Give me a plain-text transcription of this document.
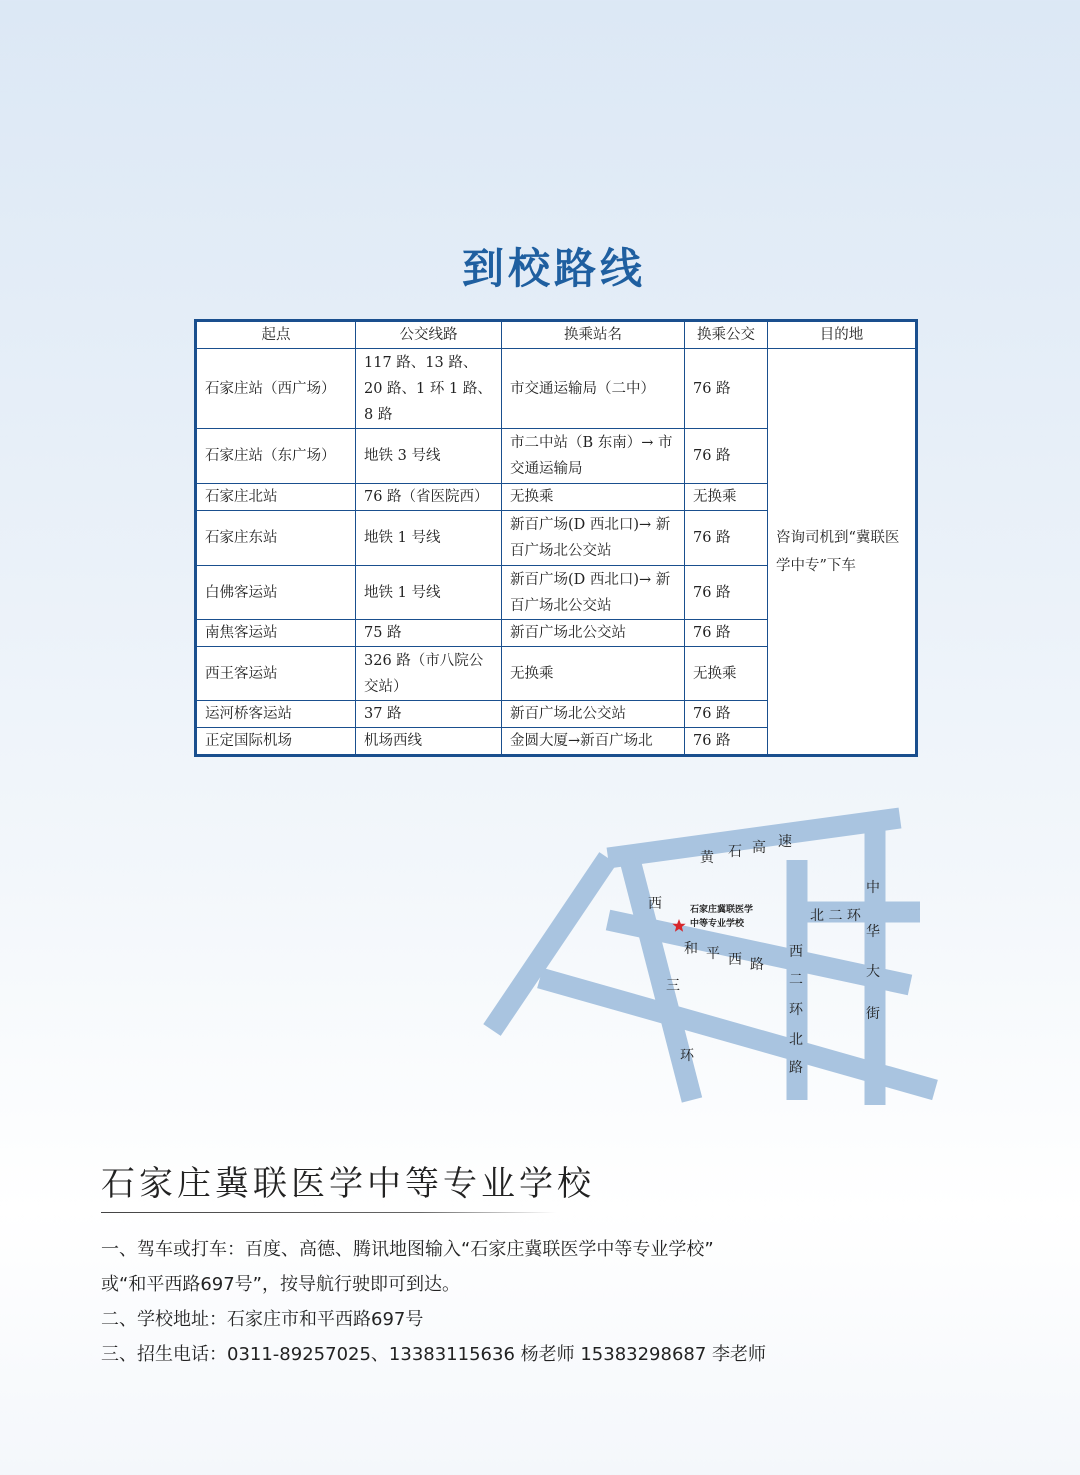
到校路线
起点	公交线路	换乘站名	换乘公交	目的地
石家庄站（西广场）	117 路、13 路、20 路、1 环 1 路、8 路	市交通运输局（二中）	76 路	咨询司机到“冀联医学中专”下车
石家庄站（东广场）	地铁 3 号线	市二中站（B 东南）→ 市交通运输局	76 路	
石家庄北站	76 路（省医院西）	无换乘	无换乘	
石家庄东站	地铁 1 号线	新百广场(D 西北口)→ 新百广场北公交站	76 路	
白佛客运站	地铁 1 号线	新百广场(D 西北口)→ 新百广场北公交站	76 路	
南焦客运站	75 路	新百广场北公交站	76 路	
西王客运站	326 路（市八院公交站）	无换乘	无换乘	
运河桥客运站	37 路	新百广场北公交站	76 路	
正定国际机场	机场西线	金圆大厦→新百广场北	76 路	
黄 石 高 速
北 二 环
中
华
大
街
西
三
环
和 平 西 路
西
二
环
北
路
石家庄冀联医学
中等专业学校
石家庄冀联医学中等专业学校

一、驾车或打车：百度、高德、腾讯地图输入“石家庄冀联医学中等专业学校”

或“和平西路697号”，按导航行驶即可到达。

二、学校地址：石家庄市和平西路697号

三、招生电话：0311-89257025、13383115636 杨老师 15383298687 李老师
